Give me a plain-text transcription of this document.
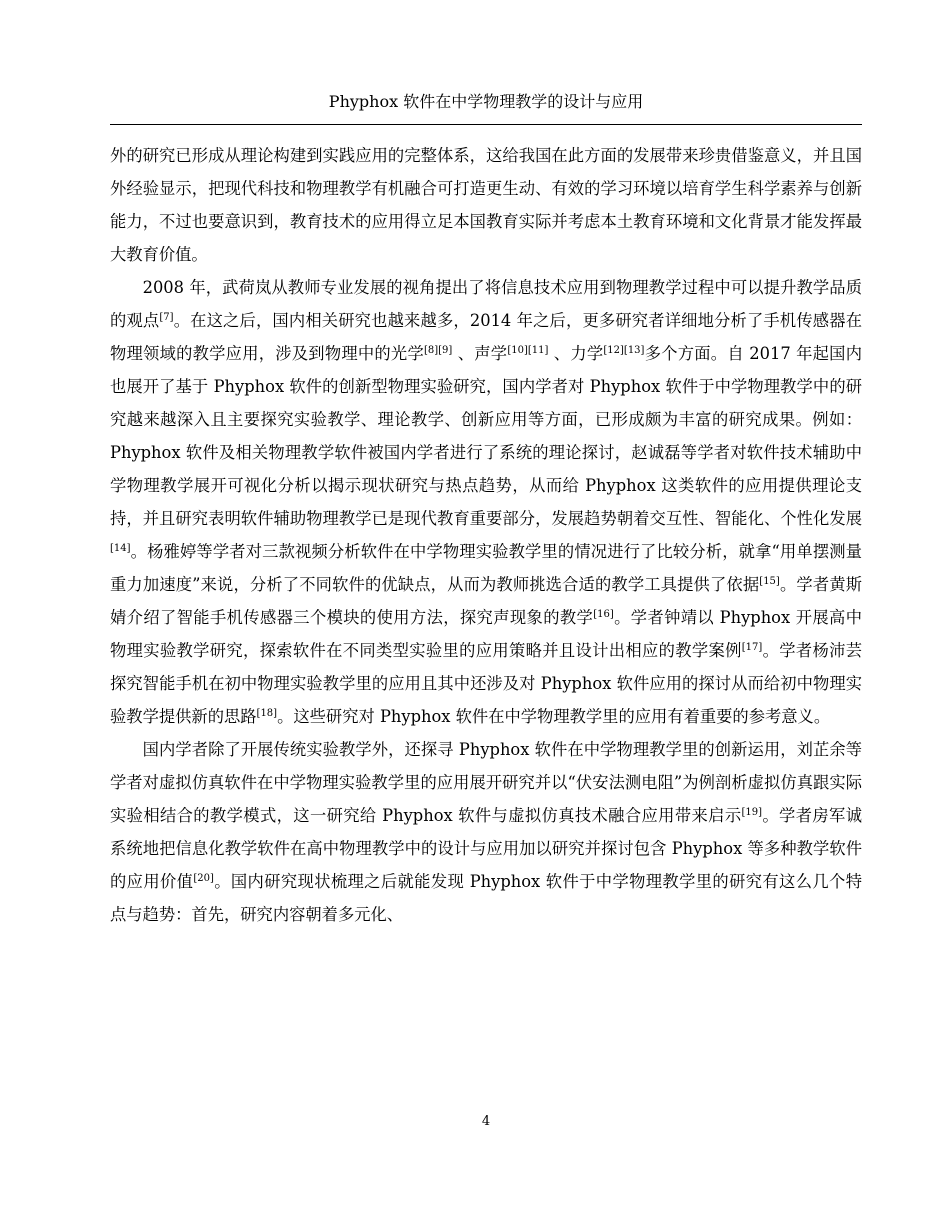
Phyphox 软件在中学物理教学的设计与应用

外的研究已形成从理论构建到实践应用的完整体系，这给我国在此方面的发展带来珍贵借鉴意义，并且国外经验显示，把现代科技和物理教学有机融合可打造更生动、有效的学习环境以培育学生科学素养与创新能力，不过也要意识到，教育技术的应用得立足本国教育实际并考虑本土教育环境和文化背景才能发挥最大教育价值。

2008 年，武荷岚从教师专业发展的视角提出了将信息技术应用到物理教学过程中可以提升教学品质的观点[7]。在这之后，国内相关研究也越来越多，2014 年之后，更多研究者详细地分析了手机传感器在物理领域的教学应用，涉及到物理中的光学[8][9] 、声学[10][11] 、力学[12][13]多个方面。自 2017 年起国内也展开了基于 Phyphox 软件的创新型物理实验研究，国内学者对 Phyphox 软件于中学物理教学中的研究越来越深入且主要探究实验教学、理论教学、创新应用等方面，已形成颇为丰富的研究成果。例如：Phyphox 软件及相关物理教学软件被国内学者进行了系统的理论探讨，赵诚磊等学者对软件技术辅助中学物理教学展开可视化分析以揭示现状研究与热点趋势，从而给 Phyphox 这类软件的应用提供理论支持，并且研究表明软件辅助物理教学已是现代教育重要部分，发展趋势朝着交互性、智能化、个性化发展[14]。杨雅婷等学者对三款视频分析软件在中学物理实验教学里的情况进行了比较分析，就拿“用单摆测量重力加速度”来说，分析了不同软件的优缺点，从而为教师挑选合适的教学工具提供了依据[15]。学者黄斯婧介绍了智能手机传感器三个模块的使用方法，探究声现象的教学[16]。学者钟靖以 Phyphox 开展高中物理实验教学研究，探索软件在不同类型实验里的应用策略并且设计出相应的教学案例[17]。学者杨沛芸探究智能手机在初中物理实验教学里的应用且其中还涉及对 Phyphox 软件应用的探讨从而给初中物理实验教学提供新的思路[18]。这些研究对 Phyphox 软件在中学物理教学里的应用有着重要的参考意义。

国内学者除了开展传统实验教学外，还探寻 Phyphox 软件在中学物理教学里的创新运用，刘芷余等学者对虚拟仿真软件在中学物理实验教学里的应用展开研究并以“伏安法测电阻”为例剖析虚拟仿真跟实际实验相结合的教学模式，这一研究给 Phyphox 软件与虚拟仿真技术融合应用带来启示[19]。学者房军诚系统地把信息化教学软件在高中物理教学中的设计与应用加以研究并探讨包含 Phyphox 等多种教学软件的应用价值[20]。国内研究现状梳理之后就能发现 Phyphox 软件于中学物理教学里的研究有这么几个特点与趋势：首先，研究内容朝着多元化、

4
